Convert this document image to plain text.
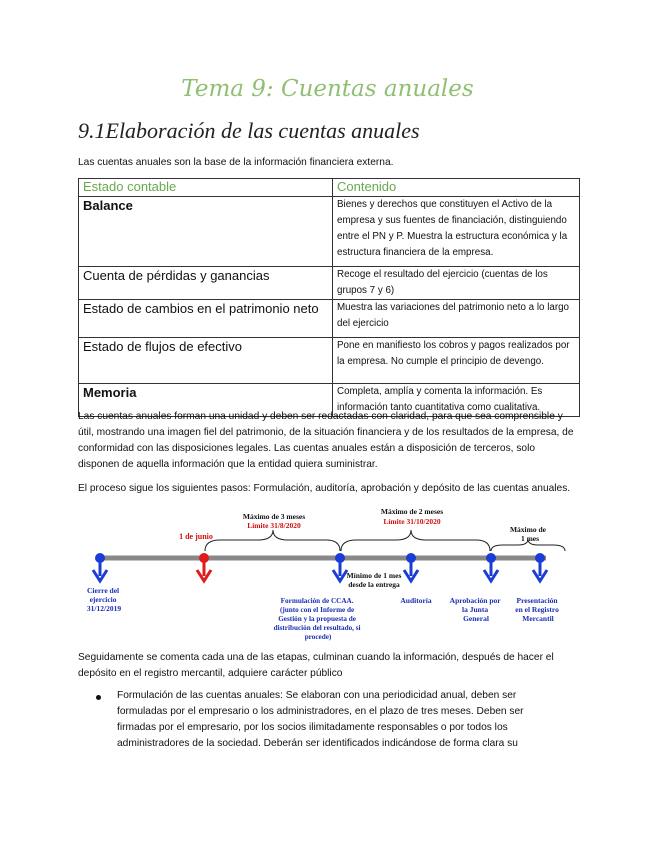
Tema 9: Cuentas anuales
9.1Elaboración de las cuentas anuales
Las cuentas anuales son la base de la información financiera externa.
Estado contable	Contenido
Balance	Bienes y derechos que constituyen el Activo de la empresa y sus fuentes de financiación, distinguiendo entre el PN y P. Muestra la estructura económica y la estructura financiera de la empresa.
Cuenta de pérdidas y ganancias	Recoge el resultado del ejercicio (cuentas de los grupos 7 y 6)
Estado de cambios en el patrimonio neto	Muestra las variaciones del patrimonio neto a lo largo del ejercicio
Estado de flujos de efectivo	Pone en manifiesto los cobros y pagos realizados por la empresa. No cumple el principio de devengo.
Memoria	Completa, amplía y comenta la información. Es información tanto cuantitativa como cualitativa.
Las cuentas anuales forman una unidad y deben ser redactadas con claridad, para que sea comprensible y útil, mostrando una imagen fiel del patrimonio, de la situación financiera y de los resultados de la empresa, de conformidad con las disposiciones legales. Las cuentas anuales están a disposición de terceros, solo disponen de aquella información que la entidad quiera suministrar.
El proceso sigue los siguientes pasos: Formulación, auditoría, aprobación y depósito de las cuentas anuales.
Máximo de 3 meses
Límite 31/8/2020
Máximo de 2 meses
Límite 31/10/2020
Máximo de
1 mes
1 de junio
Mínimo de 1 mes
desde la entrega
Cierre del ejercicio 31/12/2019
Formulación de CCAA. (junto con el Informe de Gestión y la propuesta de distribución del resultado, si procede)
Auditoría Aprobación por la Junta General
Presentación en el Registro Mercantil
Seguidamente se comenta cada una de las etapas, culminan cuando la información, después de hacer el depósito en el registro mercantil, adquiere carácter público
Formulación de las cuentas anuales: Se elaboran con una periodicidad anual, deben ser formuladas por el empresario o los administradores, en el plazo de tres meses. Deben ser firmadas por el empresario, por los socios ilimitadamente responsables o por todos los administradores de la sociedad. Deberán ser identificados indicándose de forma clara su
